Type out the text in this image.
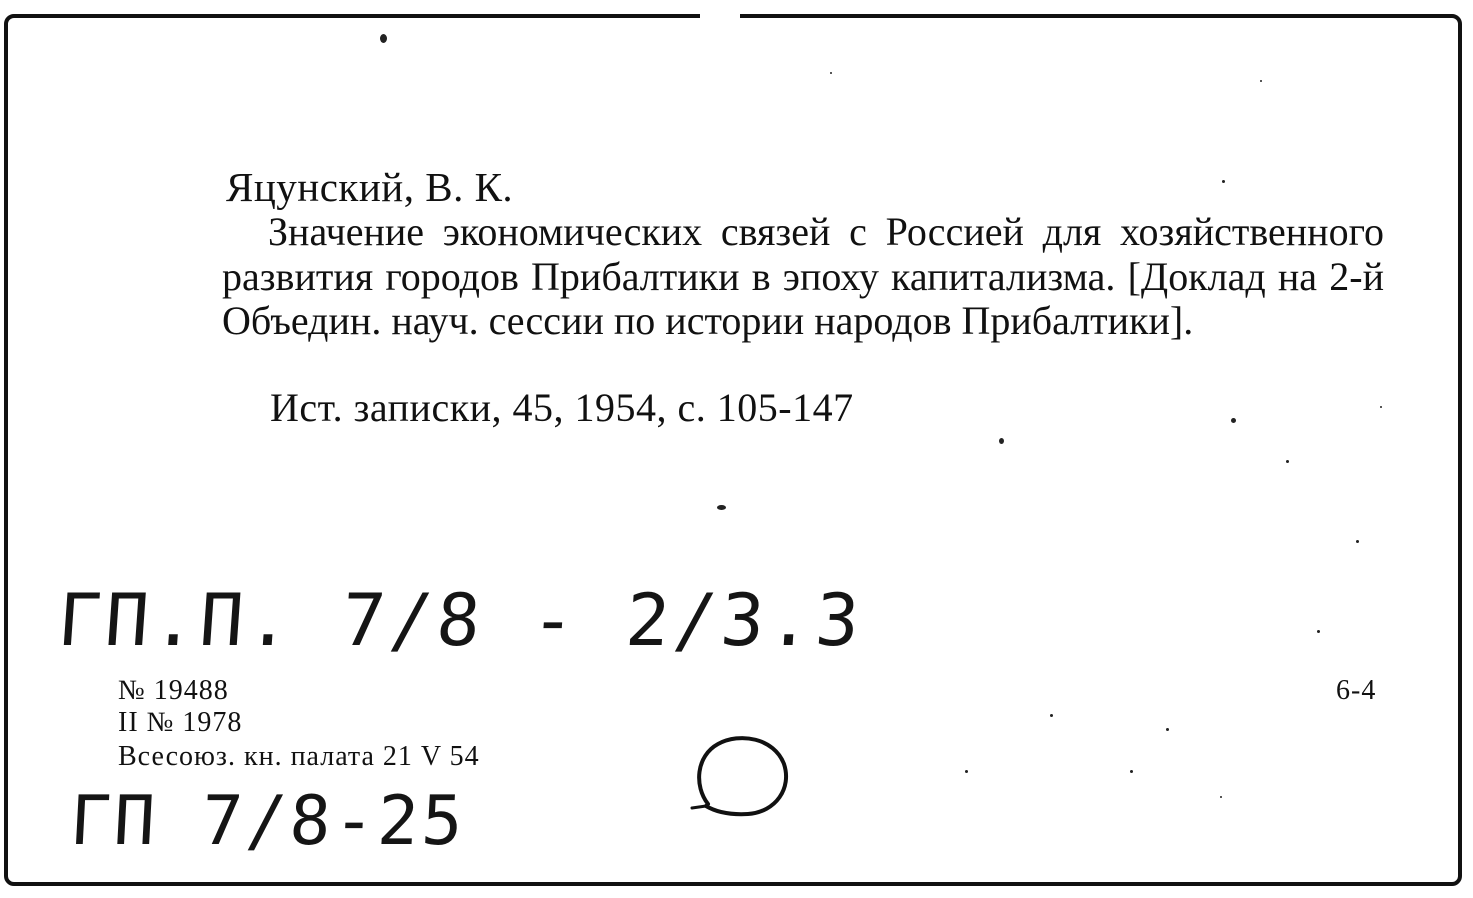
Яцунский, В. К.
Значение экономических связей с Россией для хозяйственного развития городов Прибалтики в эпоху капитализма. [Доклад на 2-й Объедин. науч. сессии по истории народов Прибалтики].
Ист. записки, 45, 1954, с. 105-147
ГП.П. 7/8 - 2/3.3
№ 19488
II № 1978
Всесоюз. кн. палата 21 V 54
6-4
ГП 7/8-25
